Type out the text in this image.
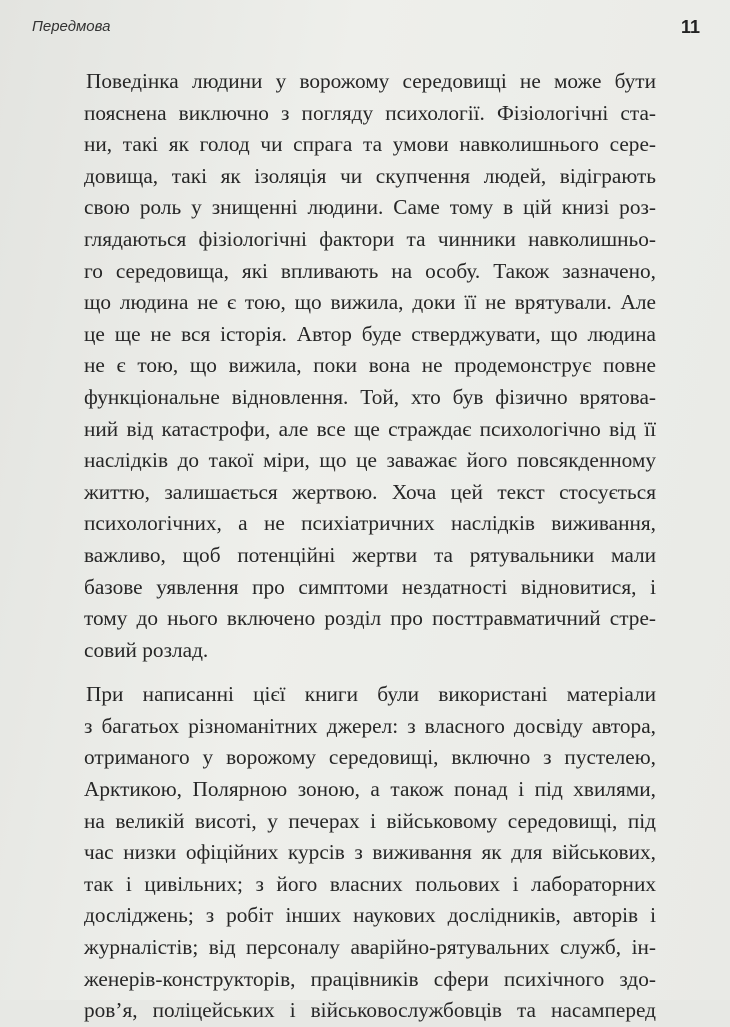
Передмова	11
Поведінка людини у ворожому середовищі не може бути
пояснена виключно з погляду психології. Фізіологічні ста-
ни, такі як голод чи спрага та умови навколишнього сере-
довища, такі як ізоляція чи скупчення людей, відіграють
свою роль у знищенні людини. Саме тому в цій книзі роз-
глядаються фізіологічні фактори та чинники навколишньо-
го середовища, які впливають на особу. Також зазначено,
що людина не є тою, що вижила, доки її не врятували. Але
це ще не вся історія. Автор буде стверджувати, що людина
не є тою, що вижила, поки вона не продемонструє повне
функціональне відновлення. Той, хто був фізично врятова-
ний від катастрофи, але все ще страждає психологічно від її
наслідків до такої міри, що це заважає його повсякденному
життю, залишається жертвою. Хоча цей текст стосується
психологічних, а не психіатричних наслідків виживання,
важливо, щоб потенційні жертви та рятувальники мали
базове уявлення про симптоми нездатності відновитися, і
тому до нього включено розділ про посттравматичний стре-
совий розлад.
При написанні цієї книги були використані матеріали
з багатьох різноманітних джерел: з власного досвіду автора,
отриманого у ворожому середовищі, включно з пустелею,
Арктикою, Полярною зоною, а також понад і під хвилями,
на великій висоті, у печерах і військовому середовищі, під
час низки офіційних курсів з виживання як для військових,
так і цивільних; з його власних польових і лабораторних
досліджень; з робіт інших наукових дослідників, авторів і
журналістів; від персоналу аварійно-рятувальних служб, ін-
женерів-конструкторів, працівників сфери психічного здо-
ров’я, поліцейських і військовослужбовців та насамперед
